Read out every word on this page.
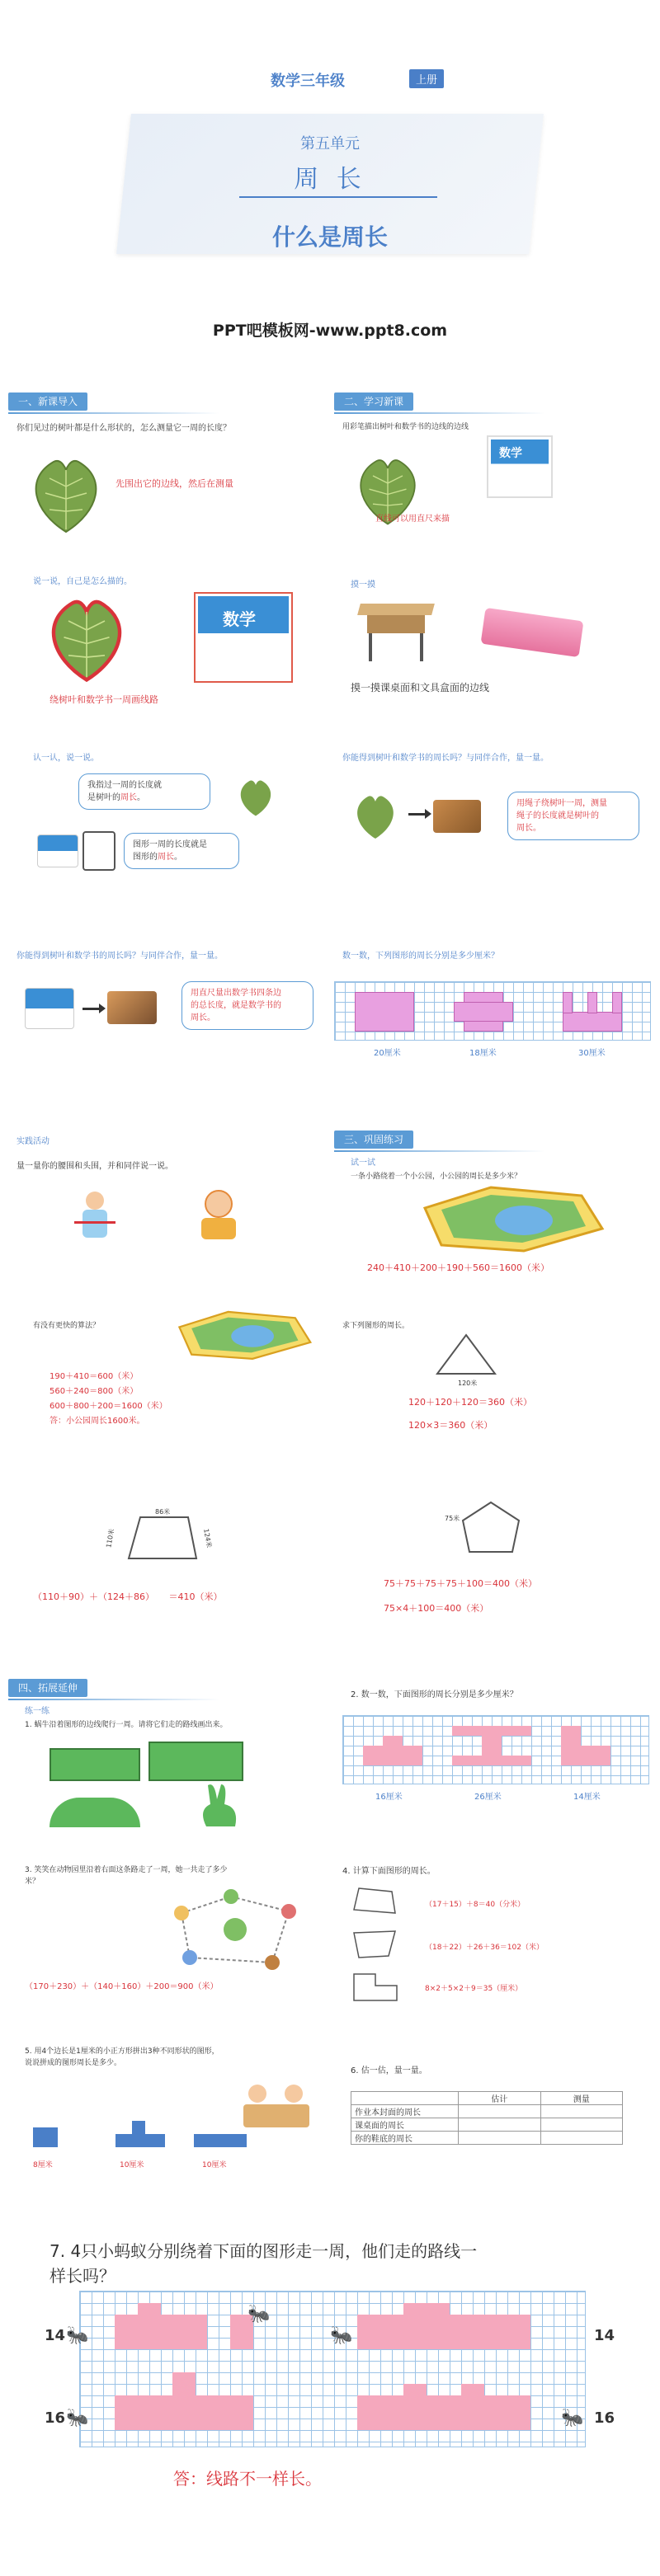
数学三年级	上册
第五单元
周 长
什么是周长
PPT吧模板网-www.ppt8.com
一、新课导入
你们见过的树叶都是什么形状的，怎么测量它一周的长度？
先围出它的边线，然后在测量
二、学习新课
用彩笔描出树叶和数学书的边线的边线
数学
直线可以用直尺来描
说一说，自己是怎么描的。
数学
绕树叶和数学书一周画线路
摸一摸
摸一摸课桌面和文具盒面的边线
认一认，说一说。
我指过一周的长度就
是树叶的周长。
图形一周的长度就是
图形的周长。
你能得到树叶和数学书的周长吗？与同伴合作，量一量。
用绳子绕树叶一周，测量
绳子的长度就是树叶的
周长。
你能得到树叶和数学书的周长吗？与同伴合作，量一量。
用直尺量出数学书四条边
的总长度，就是数学书的
周长。
数一数，下列图形的周长分别是多少厘米？
20厘米	18厘米	30厘米
实践活动
量一量你的腰围和头围，并和同伴说一说。
三、巩固练习
试一试
一条小路绕着一个小公园，小公园的周长是多少米？
240＋410＋200＋190＋560＝1600（米）
有没有更快的算法？
190＋410＝600（米）
560＋240＝800（米）
600＋800＋200＝1600（米）
答：小公园周长1600米。
求下列图形的周长。
120米
120＋120＋120＝360（米）
120×3＝360（米）
86米
110米	124米
（110＋90）＋（124＋86）     ＝410（米）
75米
75＋75＋75＋75＋100＝400（米）
75×4＋100＝400（米）
四、拓展延伸
练一练
1. 蜗牛沿着图形的边线爬行一周。请将它们走的路线画出来。
2. 数一数，下面图形的周长分别是多少厘米？
16厘米	26厘米	14厘米
3. 笑笑在动物园里沿着右面这条路走了一周，她一共走了多少
米？
（170＋230）＋（140＋160）＋200＝900（米）
4. 计算下面图形的周长。
（17＋15）＋8＝40（分米）
（18＋22）＋26＋36＝102（米）
8×2＋5×2＋9＝35（厘米）
5. 用4个边长是1厘米的小正方形拼出3种不同形状的图形，
说说拼成的图形周长是多少。
8厘米	10厘米	10厘米
6. 估一估，量一量。
	估计	测量
作业本封面的周长		
课桌面的周长		
你的鞋底的周长		
7. 4只小蚂蚁分别绕着下面的图形走一周，他们走的路线一
样长吗？
14	14
16	16
🐜
🐜
🐜
🐜	🐜
答：线路不一样长。
